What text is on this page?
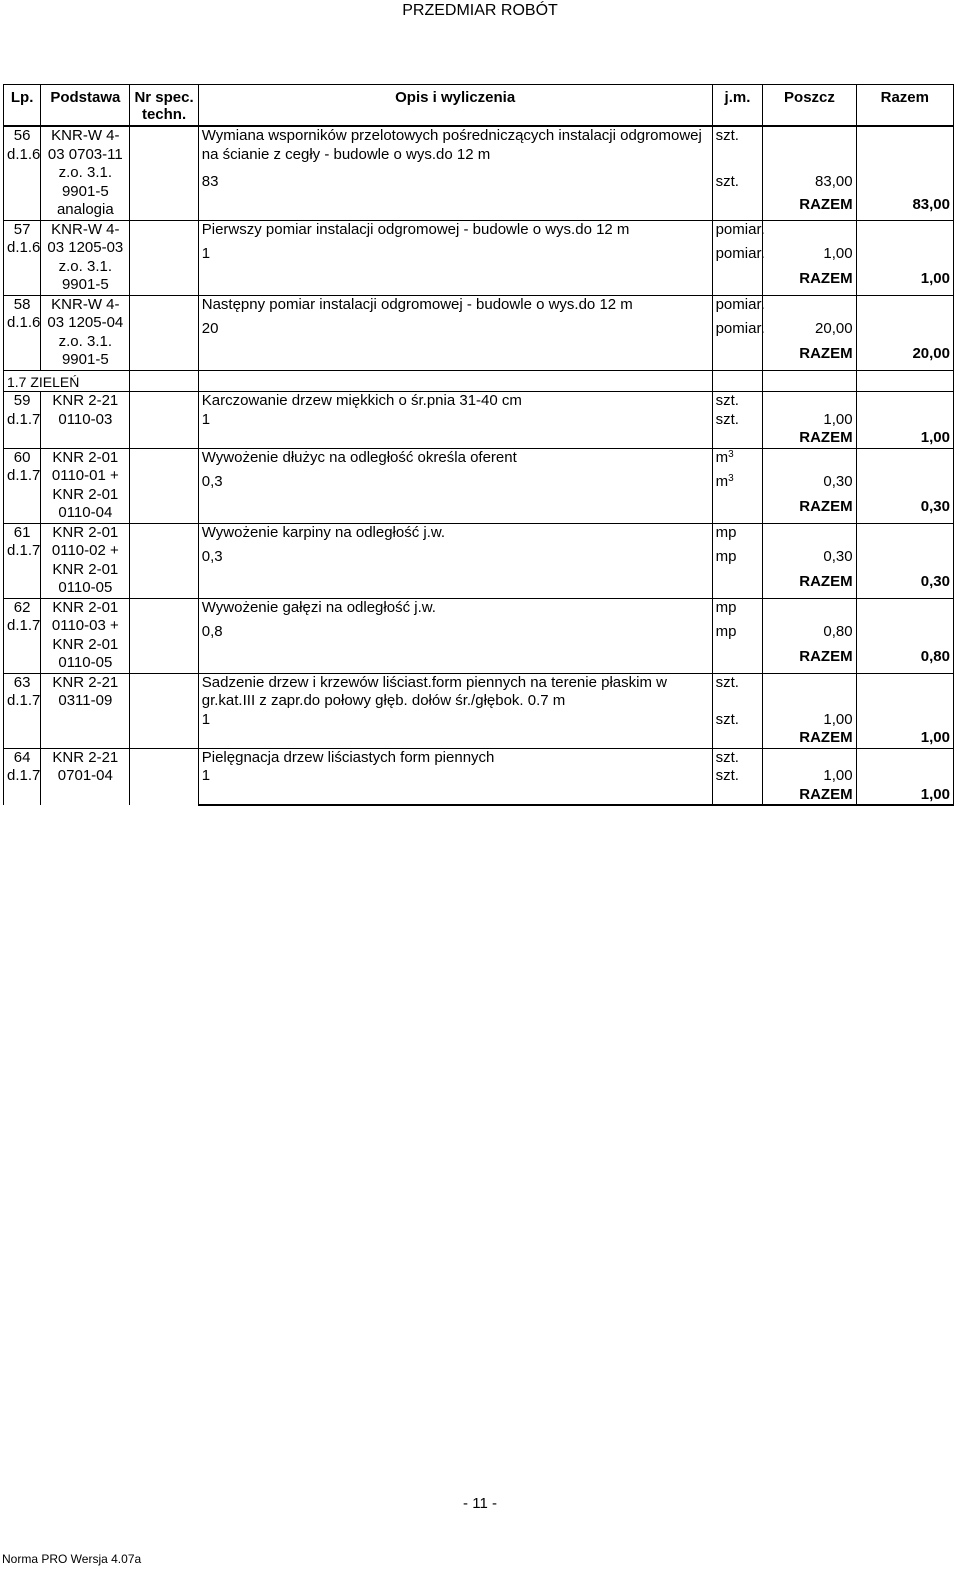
PRZEDMIAR ROBÓT
Lp.	Podstawa	Nr spec. techn.	Opis i wyliczenia	j.m.	Poszcz	Razem
56 d.1.6	KNR-W 4-03 0703-11 z.o. 3.1. 9901-5 analogia		Wymiana wsporników przelotowych pośredniczących instalacji odgromowej na ścianie z cegły - budowle o wys.do 12 m	szt.		
			83	szt.	83,00	
					RAZEM	83,00
57 d.1.6	KNR-W 4-03 1205-03 z.o. 3.1. 9901-5		Pierwszy pomiar instalacji odgromowej - budowle o wys.do 12 m	pomiar.		
			1	pomiar.	1,00	
					RAZEM	1,00
58 d.1.6	KNR-W 4-03 1205-04 z.o. 3.1. 9901-5		Następny pomiar instalacji odgromowej - budowle o wys.do 12 m	pomiar.		
			20	pomiar.	20,00	
					RAZEM	20,00
1.7 ZIELEŃ						
59 d.1.7	KNR 2-21 0110-03		Karczowanie drzew miękkich o śr.pnia 31-40 cm	szt.		
			1	szt.	1,00	
					RAZEM	1,00
60 d.1.7	KNR 2-01 0110-01 + KNR 2-01 0110-04		Wywożenie dłużyc na odległość określa oferent	$m^3$		
			0,3	$m^3$	0,30	
					RAZEM	0,30
61 d.1.7	KNR 2-01 0110-02 + KNR 2-01 0110-05		Wywożenie karpiny na odległość j.w.	mp		
			0,3	mp	0,30	
					RAZEM	0,30
62 d.1.7	KNR 2-01 0110-03 + KNR 2-01 0110-05		Wywożenie gałęzi na odległość j.w.	mp		
			0,8	mp	0,80	
					RAZEM	0,80
63 d.1.7	KNR 2-21 0311-09		Sadzenie drzew i krzewów liściast.form piennych na terenie płaskim w gr.kat.III z zapr.do połowy głęb. dołów śr./głębok. 0.7 m	szt.		
			1	szt.	1,00	
					RAZEM	1,00
64 d.1.7	KNR 2-21 0701-04		Pielęgnacja drzew liściastych form piennych	szt.		
			1	szt.	1,00	
					RAZEM	1,00
- 11 -
Norma PRO Wersja 4.07a
